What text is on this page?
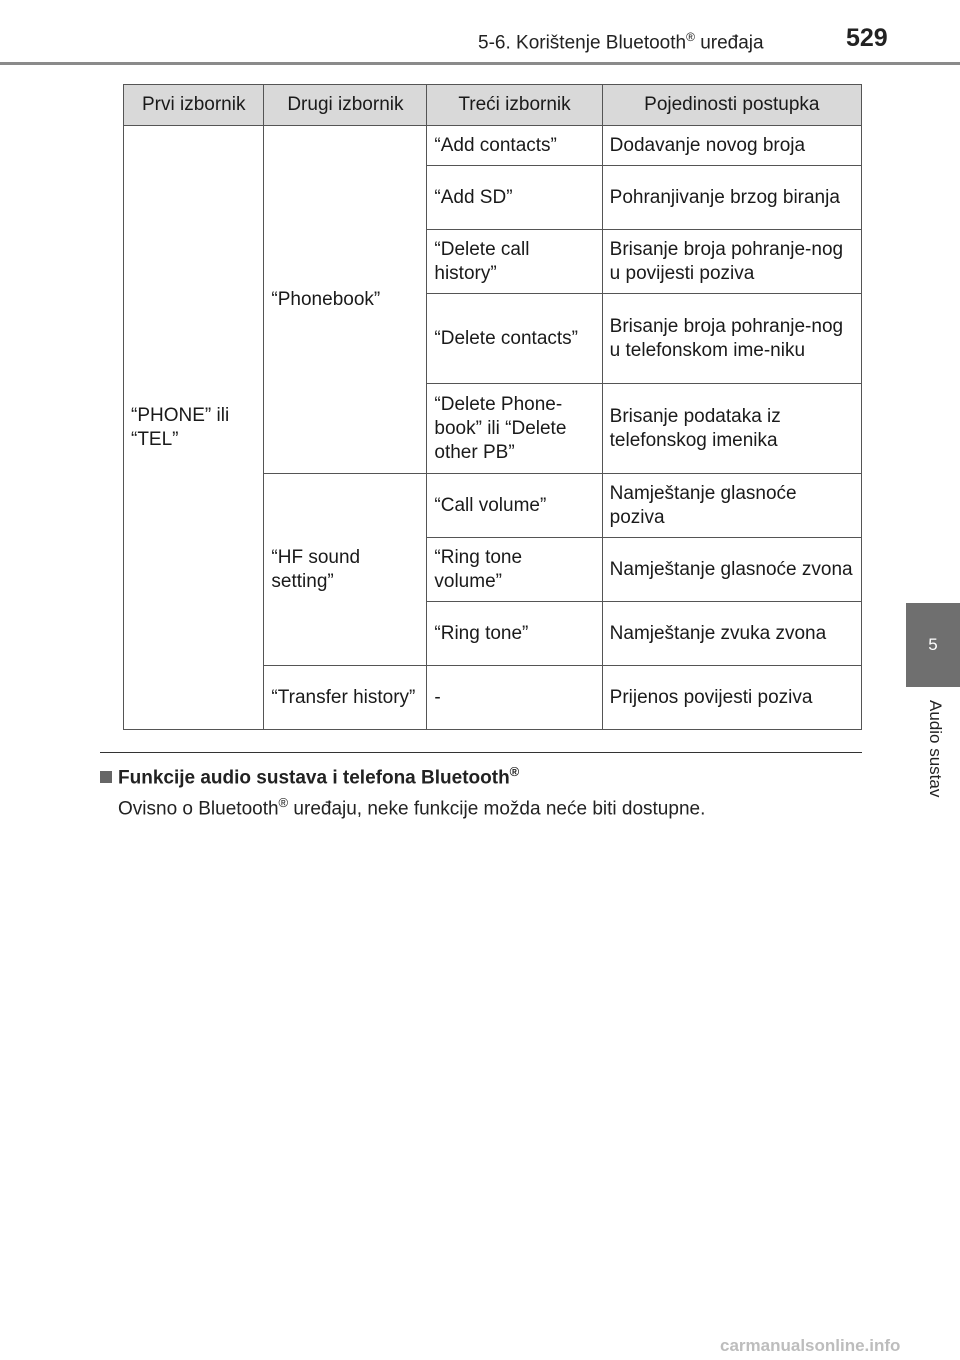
5-6. Korištenje Bluetooth® uređaja	529
5
Audio sustav
Prvi izbornik	Drugi izbornik	Treći izbornik	Pojedinosti postupka
“PHONE” ili “TEL”	“Phonebook”	“Add contacts”	Dodavanje novog broja
		“Add SD”	Pohranjivanje brzog biranja
		“Delete call history”	Brisanje broja pohranje-nog u povijesti poziva
		“Delete contacts”	Brisanje broja pohranje-nog u telefonskom ime-niku
		“Delete Phone-book” ili “Delete other PB”	Brisanje podataka iz telefonskog imenika
	“HF sound setting”	“Call volume”	Namještanje glasnoće poziva
		“Ring tone volume”	Namještanje glasnoće zvona
		“Ring tone”	Namještanje zvuka zvona
	“Transfer history”	-	Prijenos povijesti poziva
Funkcije audio sustava i telefona Bluetooth®
Ovisno o Bluetooth® uređaju, neke funkcije možda neće biti dostupne.
carmanualsonline.info
